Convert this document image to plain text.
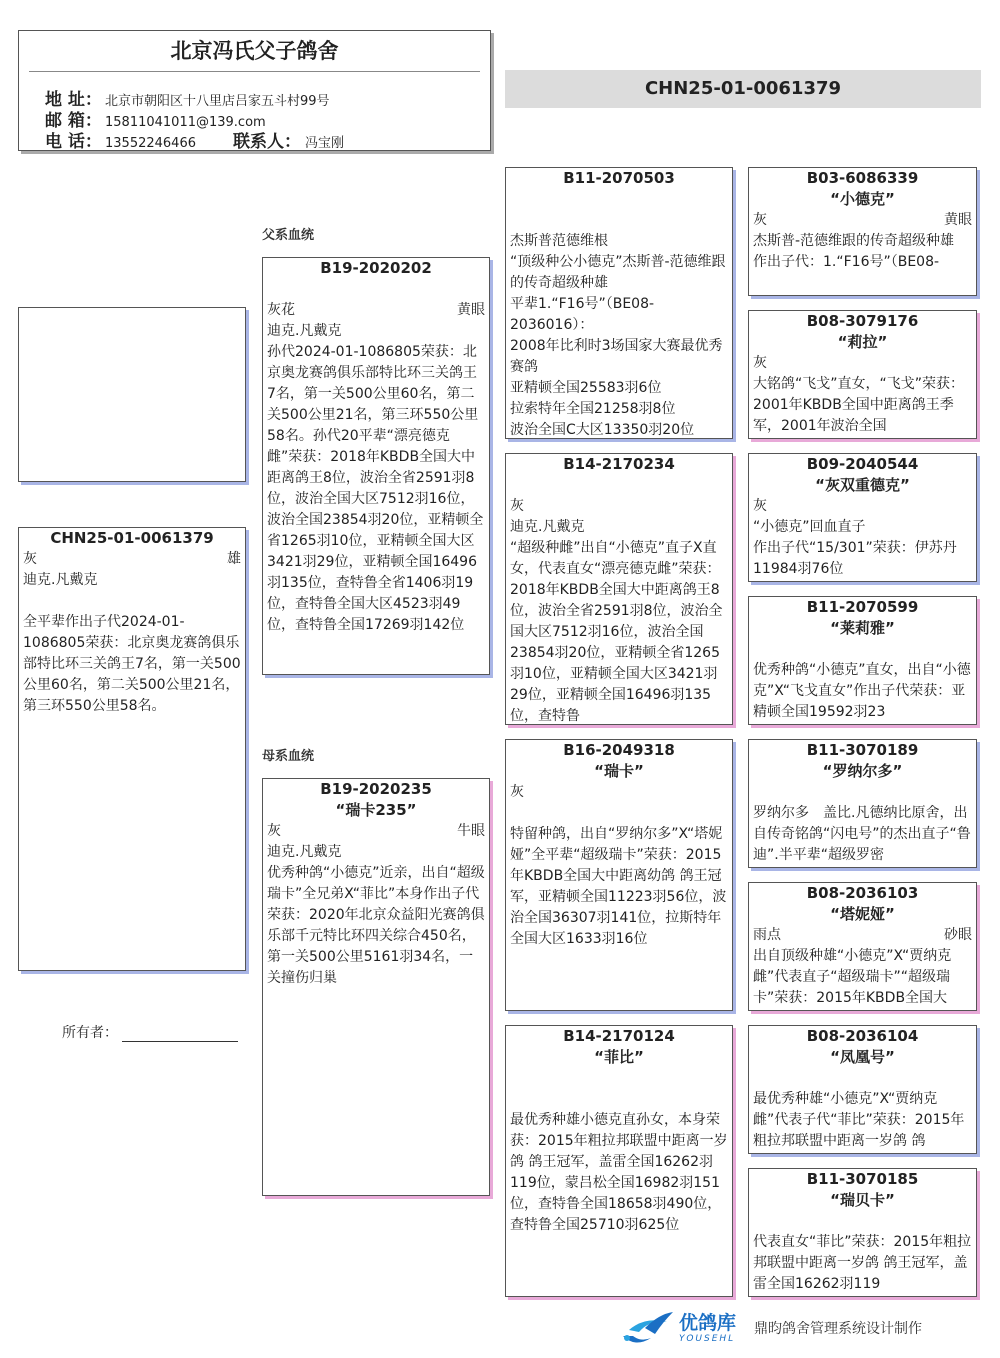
北京冯氏父子鸽舍
地 址： 北京市朝阳区十八里店吕家五斗村99号
邮 箱： 15811041011@139.com
电 话： 13552246466	联系人： 冯宝刚
CHN25-01-0061379
CHN25-01-0061379
灰	雄
迪克.凡戴克
全平辈作出子代2024-01-1086805荣获：北京奥龙赛鸽俱乐部特比环三关鸽王7名，第一关500公里60名，第二关500公里21名，第三环550公里58名。
所有者：
父系血统
母系血统
B19-2020202
灰花	黄眼
迪克.凡戴克
孙代2024-01-1086805荣获：北京奥龙赛鸽俱乐部特比环三关鸽王7名，第一关500公里60名，第二关500公里21名，第三环550公里58名。孙代20平辈“漂亮德克雌”荣获：2018年KBDB全国大中距离鸽王8位，波治全省2591羽8位，波治全国大区7512羽16位，波治全国23854羽20位，亚精顿全省1265羽10位，亚精顿全国大区3421羽29位，亚精顿全国16496羽135位，查特鲁全省1406羽19位，查特鲁全国大区4523羽49位，查特鲁全国17269羽142位
B19-2020235
“瑞卡235”
灰	牛眼
迪克.凡戴克
优秀种鸽“小德克”近亲，出自“超级瑞卡”全兄弟X“菲比”本身作出子代荣获：2020年北京众益阳光赛鸽俱乐部千元特比环四关综合450名，第一关500公里5161羽34名，一关撞伤归巢
B11-2070503
杰斯普范德维根
“顶级种公小德克”杰斯普-范德维跟的传奇超级种雄
平辈1.“F16号”（BE08-2036016）：
2008年比利时3场国家大赛最优秀赛鸽
亚精顿全国25583羽6位
拉索特年全国21258羽8位
波治全国C大区13350羽20位
B14-2170234
灰
迪克.凡戴克
“超级种雌”出自“小德克”直子X直女，代表直女“漂亮德克雌”荣获：2018年KBDB全国大中距离鸽王8位，波治全省2591羽8位，波治全国大区7512羽16位，波治全国23854羽20位，亚精顿全省1265羽10位，亚精顿全国大区3421羽29位，亚精顿全国16496羽135位，查特鲁
B16-2049318
“瑞卡”
灰

特留种鸽，出自“罗纳尔多”X“塔妮娅”全平辈“超级瑞卡”荣获：2015年KBDB全国大中距离幼鸽 鸽王冠军，亚精顿全国11223羽56位，波治全国36307羽141位，拉斯特年全国大区1633羽16位
B14-2170124
“菲比”

最优秀种雄小德克直孙女，本身荣获：2015年粗拉邦联盟中距离一岁鸽 鸽王冠军，盖雷全国16262羽119位，蒙吕松全国16982羽151位，查特鲁全国18658羽490位，查特鲁全国25710羽625位
B03-6086339
“小德克”
灰	黄眼
杰斯普-范德维跟的传奇超级种雄
作出子代：1.“F16号”（BE08-
B08-3079176
“莉拉”
灰
大铭鸽“飞戈”直女，“飞戈”荣获：2001年KBDB全国中距离鸽王季军，2001年波治全国
B09-2040544
“灰双重德克”
灰
“小德克”回血直子
作出子代“15/301”荣获：伊苏丹11984羽76位
B11-2070599
“莱莉雅”
优秀种鸽“小德克”直女，出自“小德克”X“飞戈直女”作出子代荣获：亚精顿全国19592羽23
B11-3070189
“罗纳尔多”
罗纳尔多　盖比.凡德纳比原舍，出自传奇铭鸽“闪电号”的杰出直子“鲁迪”.半平辈“超级罗密
B08-2036103
“塔妮娅”
雨点	砂眼
出自顶级种雄“小德克”X“贾纳克雌”代表直子“超级瑞卡”“超级瑞卡”荣获：2015年KBDB全国大
B08-2036104
“凤凰号”
最优秀种雄“小德克”X“贾纳克雌”代表子代“菲比”荣获：2015年粗拉邦联盟中距离一岁鸽 鸽
B11-3070185
“瑞贝卡”
代表直女“菲比”荣获：2015年粗拉邦联盟中距离一岁鸽 鸽王冠军，盖雷全国16262羽119
优鸽库
YOUSEHL
鼎昀鸽舍管理系统设计制作
